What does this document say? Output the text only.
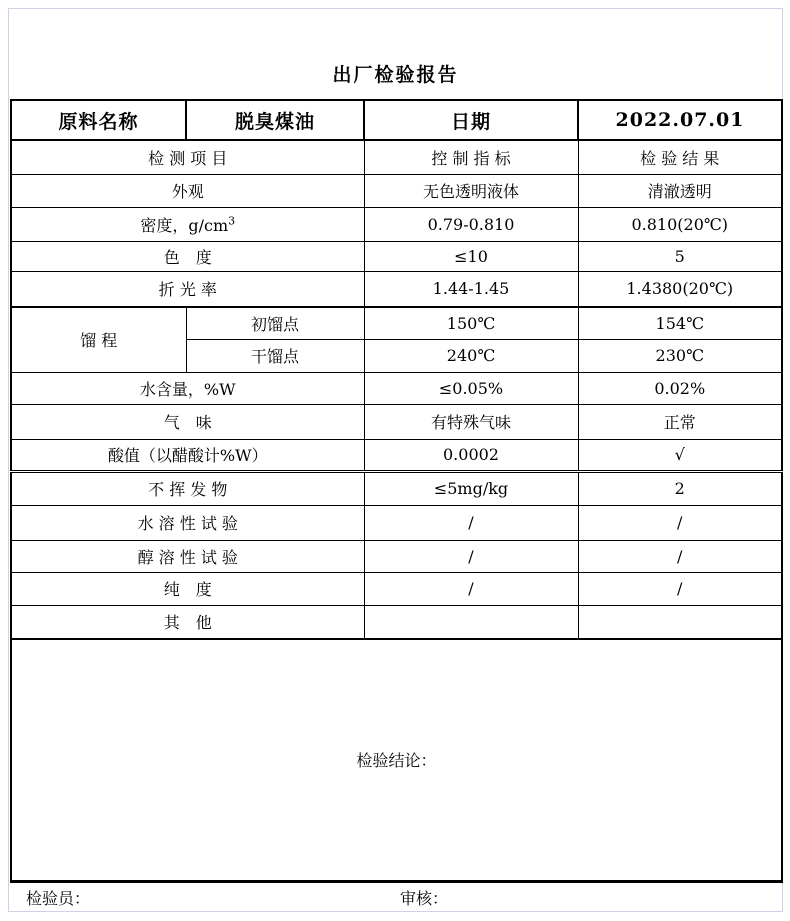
出厂检验报告
原料名称	脱臭煤油	日期	2022.07.01
检 测 项 目		控 制 指 标	检 验 结 果
外观		无色透明液体	清澈透明
密度，$g/cm^3$		0.79-0.810	0.810(20℃)
色　度		≤10	5
折 光 率		1.44-1.45	1.4380(20℃)
馏 程	初馏点	150℃	154℃
	干馏点	240℃	230℃
水含量，%W		≤0.05%	0.02%
气　味		有特殊气味	正常
酸值（以醋酸计%W）		0.0002	√
不 挥 发 物		≤5mg/kg	2
水 溶 性 试 验		/	/
醇 溶 性 试 验		/	/
纯　度		/	/
其　他			
检验结论：			
检验员：	审核：
